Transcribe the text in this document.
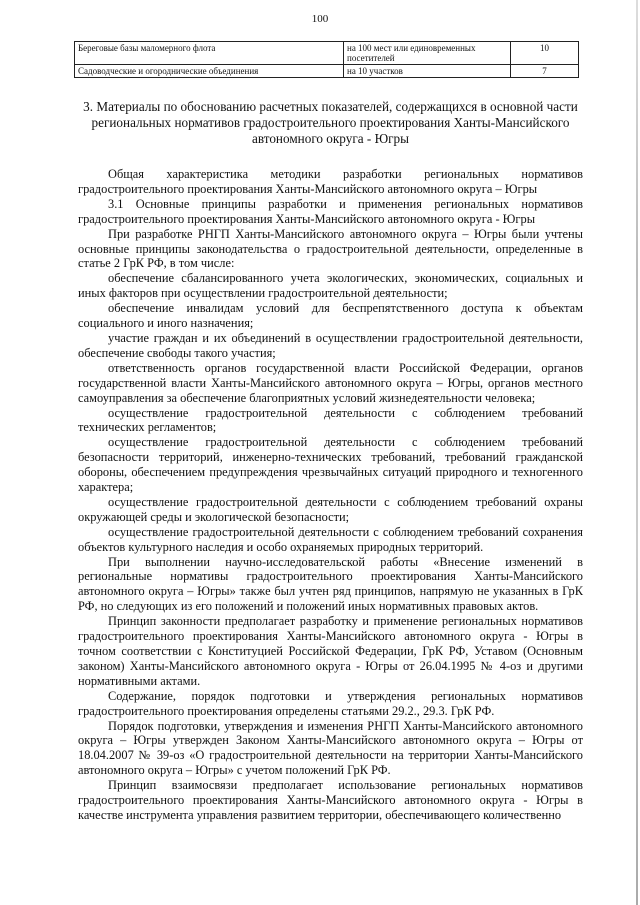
100
Береговые базы маломерного флота	на 100 мест или единовременных посетителей	10
Садоводческие и огороднические объединения	на 10 участков	7
3. Материалы по обоснованию расчетных показателей, содержащихся в основной части региональных нормативов градостроительного проектирования Ханты-Мансийского автономного округа - Югры

Общая характеристика методики разработки региональных нормативов градостроительного проектирования Ханты-Мансийского автономного округа – Югры

3.1 Основные принципы разработки и применения региональных нормативов градостроительного проектирования Ханты-Мансийского автономного округа - Югры

При разработке РНГП Ханты-Мансийского автономного округа – Югры были учтены основные принципы законодательства о градостроительной деятельности, определенные в статье 2 ГрК РФ, в том числе:

обеспечение сбалансированного учета экологических, экономических, социальных и иных факторов при осуществлении градостроительной деятельности;

обеспечение инвалидам условий для беспрепятственного доступа к объектам социального и иного назначения;

участие граждан и их объединений в осуществлении градостроительной деятельности, обеспечение свободы такого участия;

ответственность органов государственной власти Российской Федерации, органов государственной власти Ханты-Мансийского автономного округа – Югры, органов местного самоуправления за обеспечение благоприятных условий жизнедеятельности человека;

осуществление градостроительной деятельности с соблюдением требований технических регламентов;

осуществление градостроительной деятельности с соблюдением требований безопасности территорий, инженерно-технических требований, требований гражданской обороны, обеспечением предупреждения чрезвычайных ситуаций природного и техногенного характера;

осуществление градостроительной деятельности с соблюдением требований охраны окружающей среды и экологической безопасности;

осуществление градостроительной деятельности с соблюдением требований сохранения объектов культурного наследия и особо охраняемых природных территорий.

При выполнении научно-исследовательской работы «Внесение изменений в региональные нормативы градостроительного проектирования Ханты-Мансийского автономного округа – Югры» также был учтен ряд принципов, напрямую не указанных в ГрК РФ, но следующих из его положений и положений иных нормативных правовых актов.

Принцип законности предполагает разработку и применение региональных нормативов градостроительного проектирования Ханты-Мансийского автономного округа - Югры в точном соответствии с Конституцией Российской Федерации, ГрК РФ, Уставом (Основным законом) Ханты-Мансийского автономного округа - Югры от 26.04.1995 № 4-оз и другими нормативными актами.

Содержание, порядок подготовки и утверждения региональных нормативов градостроительного проектирования определены статьями 29.2., 29.3. ГрК РФ.

Порядок подготовки, утверждения и изменения РНГП Ханты-Мансийского автономного округа – Югры утвержден Законом Ханты-Мансийского автономного округа – Югры от 18.04.2007 № 39-оз «О градостроительной деятельности на территории Ханты-Мансийского автономного округа – Югры» с учетом положений ГрК РФ.

Принцип взаимосвязи предполагает использование региональных нормативов градостроительного проектирования Ханты-Мансийского автономного округа - Югры в качестве инструмента управления развитием территории, обеспечивающего количественно
